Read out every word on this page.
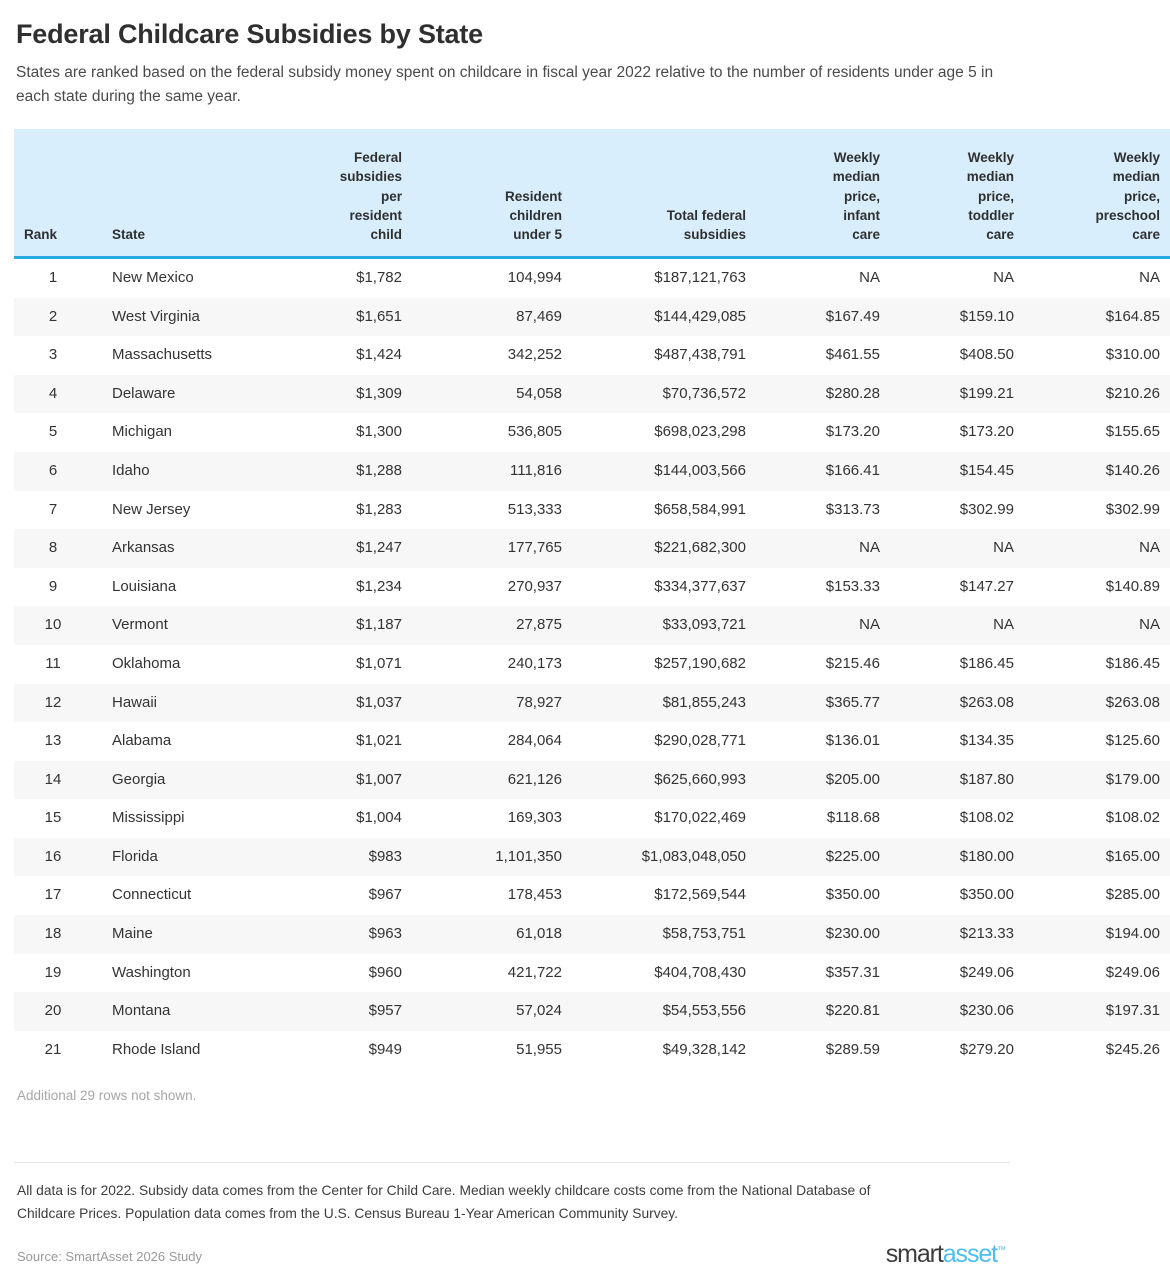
Federal Childcare Subsidies by State

States are ranked based on the federal subsidy money spent on childcare in fiscal year 2022 relative to the number of residents under age 5 in each state during the same year.

Rank	State	Federal
subsidies
per
resident
child	Resident
children
under 5	Total federal
subsidies	Weekly
median
price,
infant
care	Weekly
median
price,
toddler
care	Weekly
median
price,
preschool
care
1	New Mexico	$1,782	104,994	$187,121,763	NA	NA	NA
2	West Virginia	$1,651	87,469	$144,429,085	$167.49	$159.10	$164.85
3	Massachusetts	$1,424	342,252	$487,438,791	$461.55	$408.50	$310.00
4	Delaware	$1,309	54,058	$70,736,572	$280.28	$199.21	$210.26
5	Michigan	$1,300	536,805	$698,023,298	$173.20	$173.20	$155.65
6	Idaho	$1,288	111,816	$144,003,566	$166.41	$154.45	$140.26
7	New Jersey	$1,283	513,333	$658,584,991	$313.73	$302.99	$302.99
8	Arkansas	$1,247	177,765	$221,682,300	NA	NA	NA
9	Louisiana	$1,234	270,937	$334,377,637	$153.33	$147.27	$140.89
10	Vermont	$1,187	27,875	$33,093,721	NA	NA	NA
11	Oklahoma	$1,071	240,173	$257,190,682	$215.46	$186.45	$186.45
12	Hawaii	$1,037	78,927	$81,855,243	$365.77	$263.08	$263.08
13	Alabama	$1,021	284,064	$290,028,771	$136.01	$134.35	$125.60
14	Georgia	$1,007	621,126	$625,660,993	$205.00	$187.80	$179.00
15	Mississippi	$1,004	169,303	$170,022,469	$118.68	$108.02	$108.02
16	Florida	$983	1,101,350	$1,083,048,050	$225.00	$180.00	$165.00
17	Connecticut	$967	178,453	$172,569,544	$350.00	$350.00	$285.00
18	Maine	$963	61,018	$58,753,751	$230.00	$213.33	$194.00
19	Washington	$960	421,722	$404,708,430	$357.31	$249.06	$249.06
20	Montana	$957	57,024	$54,553,556	$220.81	$230.06	$197.31
21	Rhode Island	$949	51,955	$49,328,142	$289.59	$279.20	$245.26
Additional 29 rows not shown.
All data is for 2022. Subsidy data comes from the Center for Child Care. Median weekly childcare costs come from the National Database of Childcare Prices. Population data comes from the U.S. Census Bureau 1-Year American Community Survey.
Source: SmartAsset 2026 Study	smartasset™
